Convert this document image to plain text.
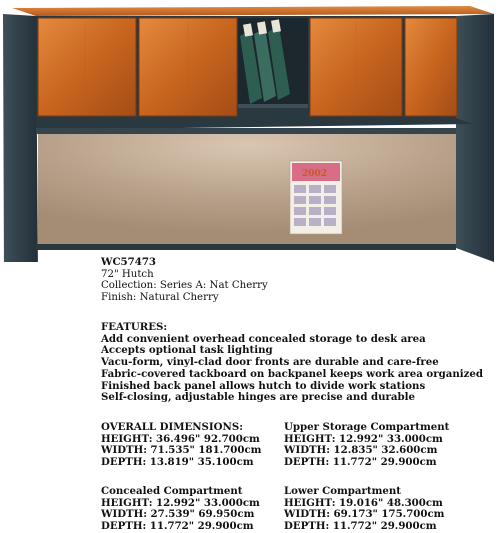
2002
WC57473
72" Hutch
Collection: Series A: Nat Cherry
Finish: Natural Cherry
FEATURES:
Add convenient overhead concealed storage to desk area
Accepts optional task lighting
Vacu-form, vinyl-clad door fronts are durable and care-free
Fabric-covered tackboard on backpanel keeps work area organized
Finished back panel allows hutch to divide work stations
Self-closing, adjustable hinges are precise and durable
OVERALL DIMENSIONS:
HEIGHT: 36.496" 92.700cm
WIDTH: 71.535" 181.700cm
DEPTH: 13.819" 35.100cm
Upper Storage Compartment
HEIGHT: 12.992" 33.000cm
WIDTH: 12.835" 32.600cm
DEPTH: 11.772" 29.900cm
Concealed Compartment
HEIGHT: 12.992" 33.000cm
WIDTH: 27.539" 69.950cm
DEPTH: 11.772" 29.900cm
Lower Compartment
HEIGHT: 19.016" 48.300cm
WIDTH: 69.173" 175.700cm
DEPTH: 11.772" 29.900cm
